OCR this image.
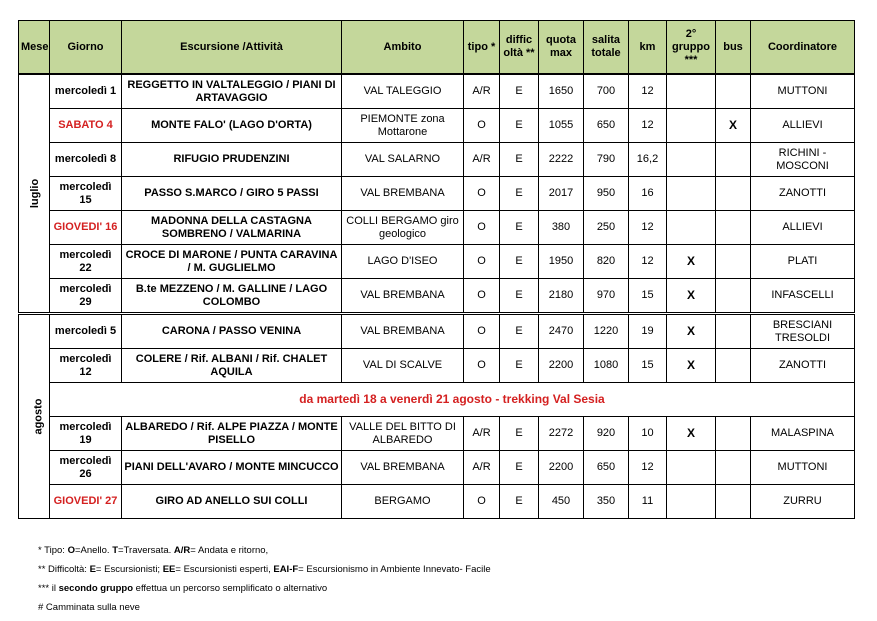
Mese	Giorno	Escursione /Attività	Ambito	tipo *	diffic oltà **	quota max	salita totale	km	2° gruppo ***	bus	Coordinatore
luglio	mercoledì 1	REGGETTO IN VALTALEGGIO / PIANI DI ARTAVAGGIO	VAL TALEGGIO	A/R	E	1650	700	12			MUTTONI
	SABATO 4	MONTE FALO' (LAGO D'ORTA)	PIEMONTE zona Mottarone	O	E	1055	650	12		X	ALLIEVI
	mercoledì 8	RIFUGIO PRUDENZINI	VAL SALARNO	A/R	E	2222	790	16,2			RICHINI - MOSCONI
	mercoledì 15	PASSO S.MARCO / GIRO 5 PASSI	VAL BREMBANA	O	E	2017	950	16			ZANOTTI
	GIOVEDI' 16	MADONNA DELLA CASTAGNA SOMBRENO / VALMARINA	COLLI BERGAMO giro geologico	O	E	380	250	12			ALLIEVI
	mercoledì 22	CROCE DI MARONE / PUNTA CARAVINA / M. GUGLIELMO	LAGO D'ISEO	O	E	1950	820	12	X		PLATI
	mercoledì 29	B.te MEZZENO / M. GALLINE / LAGO COLOMBO	VAL BREMBANA	O	E	2180	970	15	X		INFASCELLI
agosto	mercoledì 5	CARONA / PASSO VENINA	VAL BREMBANA	O	E	2470	1220	19	X		BRESCIANI TRESOLDI
	mercoledì 12	COLERE / Rif. ALBANI / Rif. CHALET AQUILA	VAL DI SCALVE	O	E	2200	1080	15	X		ZANOTTI
	da martedì 18 a venerdì 21 agosto - trekking Val Sesia										
	mercoledì 19	ALBAREDO / Rif. ALPE PIAZZA / MONTE PISELLO	VALLE DEL BITTO DI ALBAREDO	A/R	E	2272	920	10	X		MALASPINA
	mercoledì 26	PIANI DELL'AVARO / MONTE MINCUCCO	VAL BREMBANA	A/R	E	2200	650	12			MUTTONI
	GIOVEDI' 27	GIRO AD ANELLO SUI COLLI	BERGAMO	O	E	450	350	11			ZURRU
* Tipo: O=Anello. T=Traversata. A/R= Andata e ritorno,
** Difficoltà: E= Escursionisti; EE= Escursionisti esperti, EAI-F= Escursionismo in Ambiente Innevato- Facile
*** il secondo gruppo effettua un percorso semplificato o alternativo
# Camminata sulla neve
